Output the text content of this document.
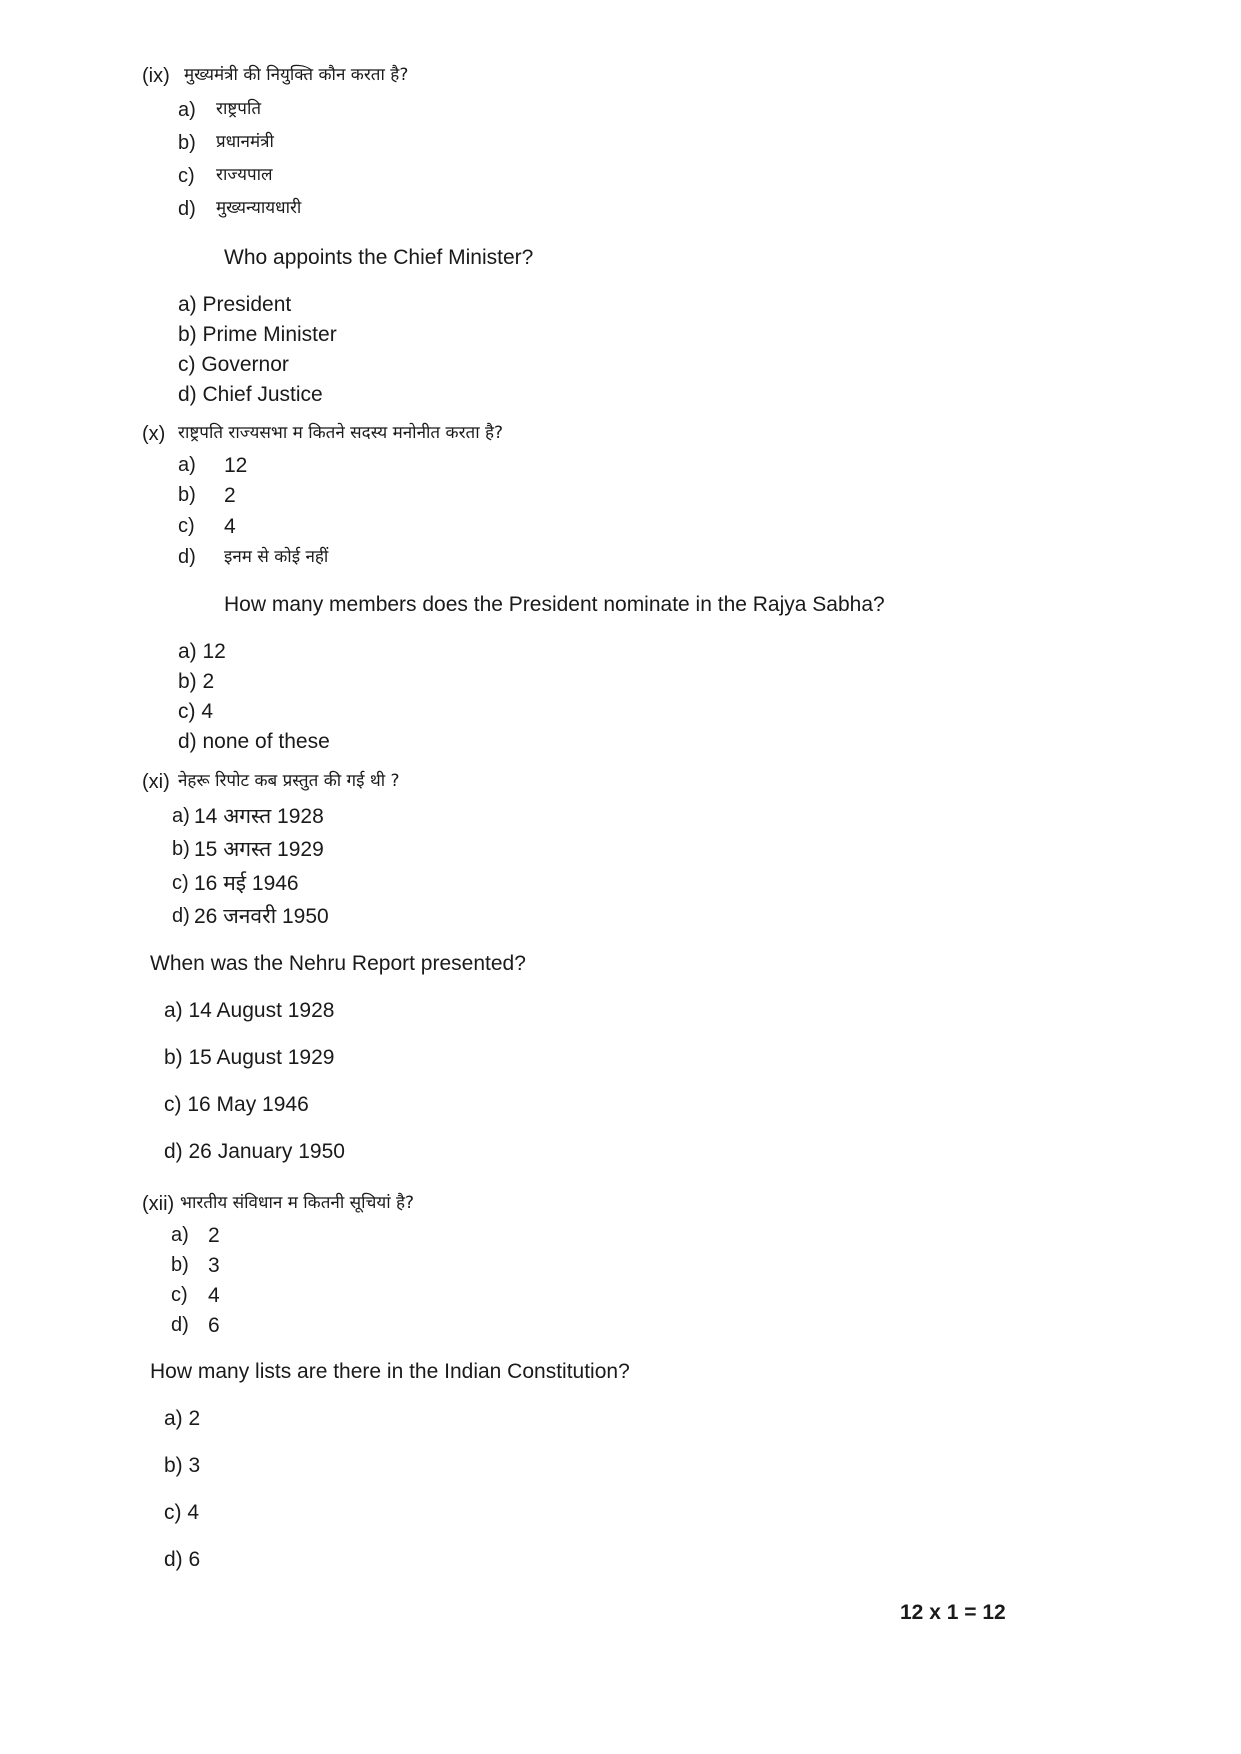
(ix) मुख्यमंत्री की नियुक्ति कौन करता है?
a) राष्ट्रपति
b) प्रधानमंत्री
c) राज्यपाल
d) मुख्यन्यायधारी
Who appoints the Chief Minister?
a) President
b) Prime Minister
c) Governor
d) Chief Justice
(x) राष्ट्रपति राज्यसभा म कितने सदस्य मनोनीत करता है?
a) 12
b) 2
c) 4
d) इनम से कोई नहीं
How many members does the President nominate in the Rajya Sabha?
a) 12
b) 2
c) 4
d) none of these
(xi) नेहरू रिपोट कब प्रस्तुत की गई थी ?
a) 14 अगस्त 1928
b) 15 अगस्त 1929
c) 16 मई 1946
d) 26 जनवरी 1950
When was the Nehru Report presented?
a) 14 August 1928
b) 15 August 1929
c) 16 May 1946
d) 26 January 1950
(xii) भारतीय संविधान म कितनी सूचियां है?
a) 2
b) 3
c) 4
d) 6
How many lists are there in the Indian Constitution?
a) 2
b) 3
c) 4
d) 6
12 x 1 = 12
